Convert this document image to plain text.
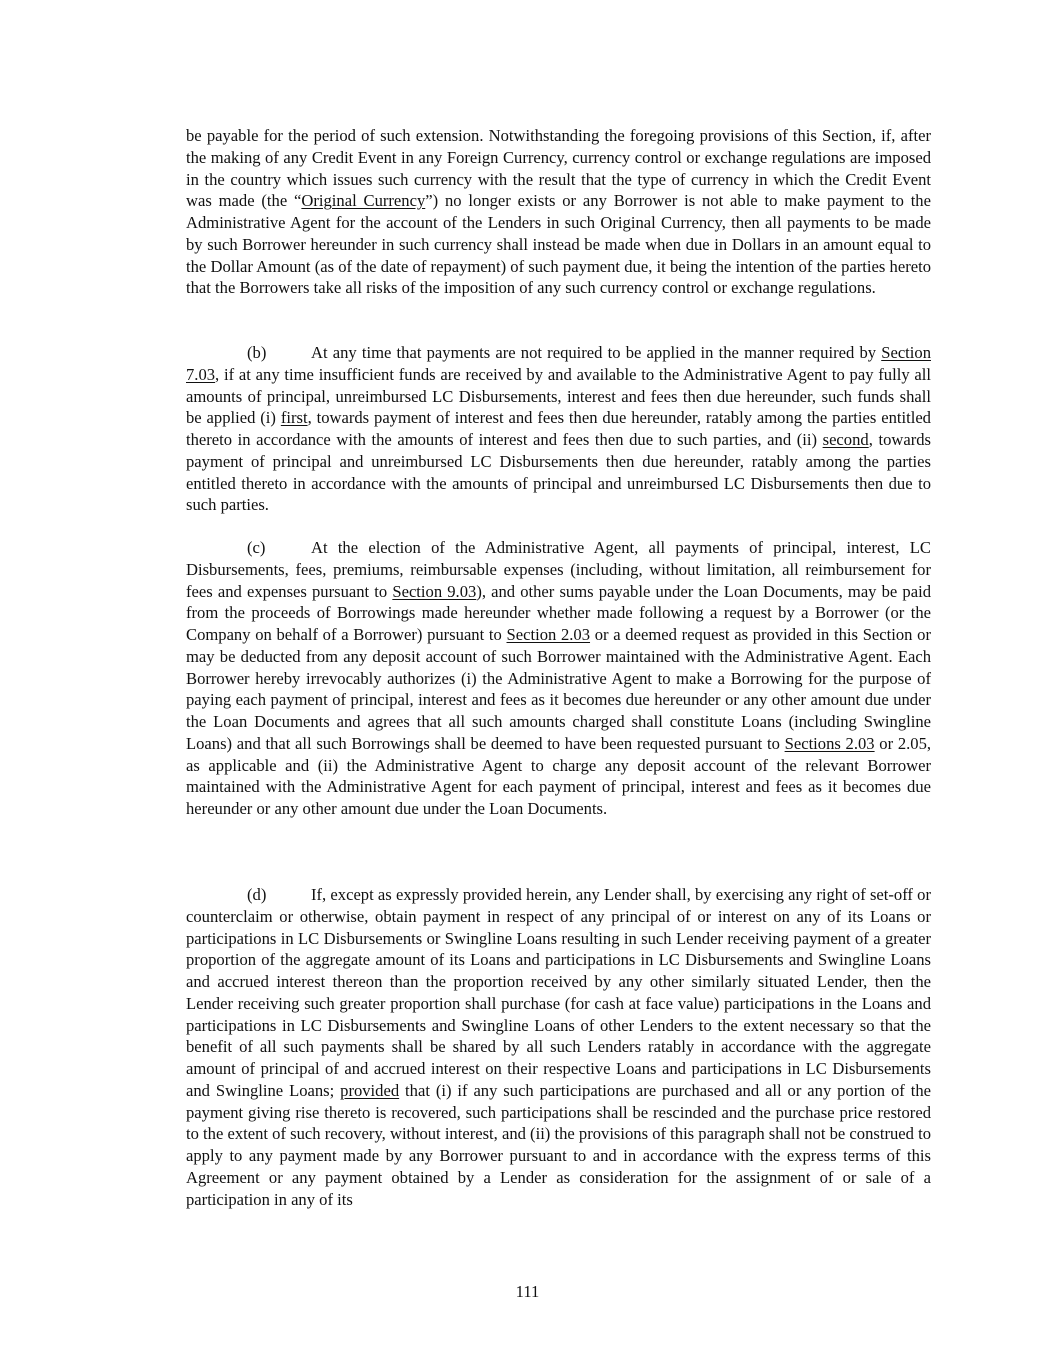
be payable for the period of such extension. Notwithstanding the foregoing provisions of this Section, if, after the making of any Credit Event in any Foreign Currency, currency control or exchange regulations are imposed in the country which issues such currency with the result that the type of currency in which the Credit Event was made (the “Original Currency”) no longer exists or any Borrower is not able to make payment to the Administrative Agent for the account of the Lenders in such Original Currency, then all payments to be made by such Borrower hereunder in such currency shall instead be made when due in Dollars in an amount equal to the Dollar Amount (as of the date of repayment) of such payment due, it being the intention of the parties hereto that the Borrowers take all risks of the imposition of any such currency control or exchange regulations.

(b)	At any time that payments are not required to be applied in the manner required by Section 7.03, if at any time insufficient funds are received by and available to the Administrative Agent to pay fully all amounts of principal, unreimbursed LC Disbursements, interest and fees then due hereunder, such funds shall be applied (i) first, towards payment of interest and fees then due hereunder, ratably among the parties entitled thereto in accordance with the amounts of interest and fees then due to such parties, and (ii) second, towards payment of principal and unreimbursed LC Disbursements then due hereunder, ratably among the parties entitled thereto in accordance with the amounts of principal and unreimbursed LC Disbursements then due to such parties.

(c)	At the election of the Administrative Agent, all payments of principal, interest, LC Disbursements, fees, premiums, reimbursable expenses (including, without limitation, all reimbursement for fees and expenses pursuant to Section 9.03), and other sums payable under the Loan Documents, may be paid from the proceeds of Borrowings made hereunder whether made following a request by a Borrower (or the Company on behalf of a Borrower) pursuant to Section 2.03 or a deemed request as provided in this Section or may be deducted from any deposit account of such Borrower maintained with the Administrative Agent. Each Borrower hereby irrevocably authorizes (i) the Administrative Agent to make a Borrowing for the purpose of paying each payment of principal, interest and fees as it becomes due hereunder or any other amount due under the Loan Documents and agrees that all such amounts charged shall constitute Loans (including Swingline Loans) and that all such Borrowings shall be deemed to have been requested pursuant to Sections 2.03 or 2.05, as applicable and (ii) the Administrative Agent to charge any deposit account of the relevant Borrower maintained with the Administrative Agent for each payment of principal, interest and fees as it becomes due hereunder or any other amount due under the Loan Documents.

(d)	If, except as expressly provided herein, any Lender shall, by exercising any right of set-off or counterclaim or otherwise, obtain payment in respect of any principal of or interest on any of its Loans or participations in LC Disbursements or Swingline Loans resulting in such Lender receiving payment of a greater proportion of the aggregate amount of its Loans and participations in LC Disbursements and Swingline Loans and accrued interest thereon than the proportion received by any other similarly situated Lender, then the Lender receiving such greater proportion shall purchase (for cash at face value) participations in the Loans and participations in LC Disbursements and Swingline Loans of other Lenders to the extent necessary so that the benefit of all such payments shall be shared by all such Lenders ratably in accordance with the aggregate amount of principal of and accrued interest on their respective Loans and participations in LC Disbursements and Swingline Loans; provided that (i) if any such participations are purchased and all or any portion of the payment giving rise thereto is recovered, such participations shall be rescinded and the purchase price restored to the extent of such recovery, without interest, and (ii) the provisions of this paragraph shall not be construed to apply to any payment made by any Borrower pursuant to and in accordance with the express terms of this Agreement or any payment obtained by a Lender as consideration for the assignment of or sale of a participation in any of its

111
